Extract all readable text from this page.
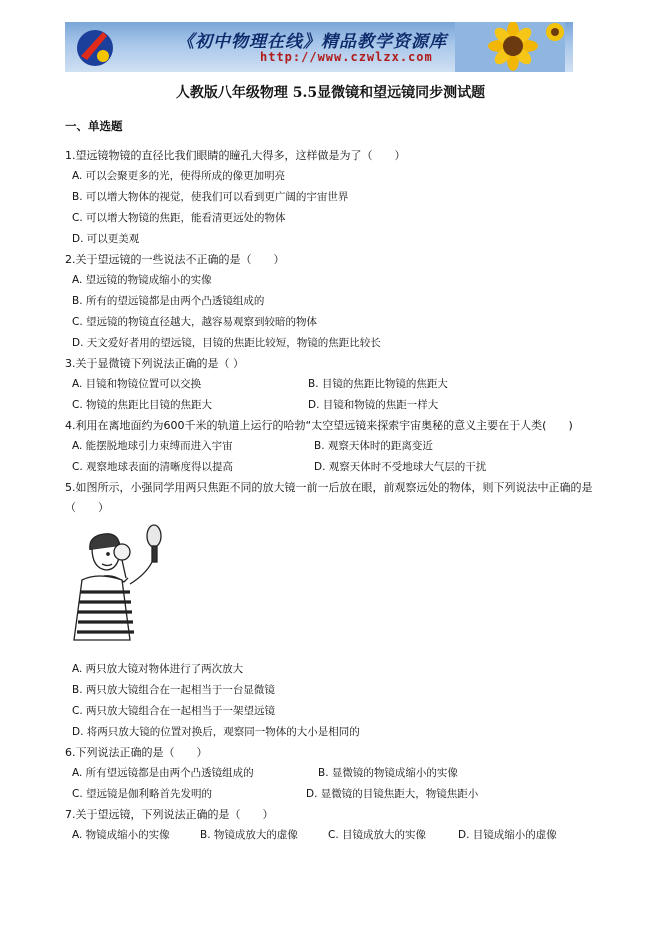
《初中物理在线》精品教学资源库
http://www.czwlzx.com
人教版八年级物理 5.5显微镜和望远镜同步测试题
一、单选题
1.望远镜物镜的直径比我们眼睛的瞳孔大得多，这样做是为了（　　）
A. 可以会聚更多的光，使得所成的像更加明亮
B. 可以增大物体的视觉，使我们可以看到更广阔的宇宙世界
C. 可以增大物镜的焦距，能看清更远处的物体
D. 可以更美观
2.关于望远镜的一些说法不正确的是（　　）
A. 望远镜的物镜成缩小的实像
B. 所有的望远镜都是由两个凸透镜组成的
C. 望远镜的物镜直径越大，越容易观察到较暗的物体
D. 天文爱好者用的望远镜，目镜的焦距比较短，物镜的焦距比较长
3.关于显微镜下列说法正确的是（ ）
A. 目镜和物镜位置可以交换	B. 目镜的焦距比物镜的焦距大
C. 物镜的焦距比目镜的焦距大	D. 目镜和物镜的焦距一样大
4.利用在离地面约为600千米的轨道上运行的哈勃“太空望远镜来探索宇宙奥秘的意义主要在于人类(　　)
A. 能摆脱地球引力束缚而进入宇宙	B. 观察天体时的距离变近
C. 观察地球表面的清晰度得以提高	D. 观察天体时不受地球大气层的干扰
5.如图所示，小强同学用两只焦距不同的放大镜一前一后放在眼，前观察远处的物体，则下列说法中正确的是（　　）
A. 两只放大镜对物体进行了两次放大
B. 两只放大镜组合在一起相当于一台显微镜
C. 两只放大镜组合在一起相当于一架望远镜
D. 将两只放大镜的位置对换后，观察同一物体的大小是相同的
6.下列说法正确的是（　　）
A. 所有望远镜都是由两个凸透镜组成的	B. 显微镜的物镜成缩小的实像
C. 望远镜是伽利略首先发明的	D. 显微镜的目镜焦距大，物镜焦距小
7.关于望远镜，下列说法正确的是（　　）
A. 物镜成缩小的实像	B. 物镜成放大的虚像	C. 目镜成放大的实像	D. 目镜成缩小的虚像
